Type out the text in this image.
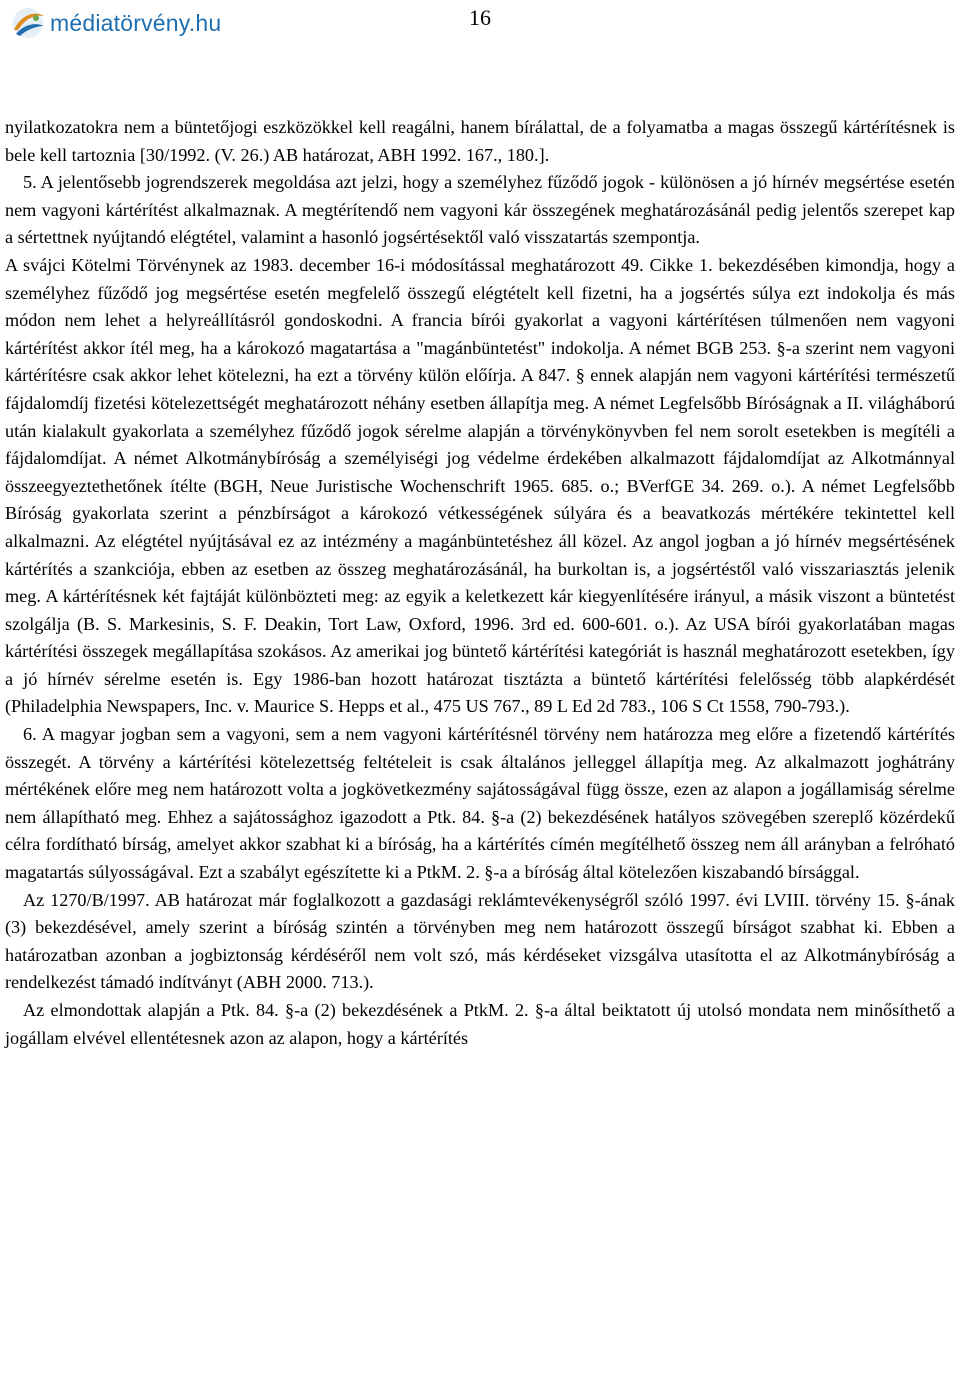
médiatörvény.hu	16

nyilatkozatokra nem a büntetőjogi eszközökkel kell reagálni, hanem bírálattal, de a folyamatba a magas összegű kártérítésnek is bele kell tartoznia [30/1992. (V. 26.) AB határozat, ABH 1992. 167., 180.].

5. A jelentősebb jogrendszerek megoldása azt jelzi, hogy a személyhez fűződő jogok - különösen a jó hírnév megsértése esetén nem vagyoni kártérítést alkalmaznak. A megtérítendő nem vagyoni kár összegének meghatározásánál pedig jelentős szerepet kap a sértettnek nyújtandó elégtétel, valamint a hasonló jogsértésektől való visszatartás szempontja.

A svájci Kötelmi Törvénynek az 1983. december 16-i módosítással meghatározott 49. Cikke 1. bekezdésében kimondja, hogy a személyhez fűződő jog megsértése esetén megfelelő összegű elégtételt kell fizetni, ha a jogsértés súlya ezt indokolja és más módon nem lehet a helyreállításról gondoskodni. A francia bírói gyakorlat a vagyoni kártérítésen túlmenően nem vagyoni kártérítést akkor ítél meg, ha a károkozó magatartása a "magánbüntetést" indokolja. A német BGB 253. §-a szerint nem vagyoni kártérítésre csak akkor lehet kötelezni, ha ezt a törvény külön előírja. A 847. § ennek alapján nem vagyoni kártérítési természetű fájdalomdíj fizetési kötelezettségét meghatározott néhány esetben állapítja meg. A német Legfelsőbb Bíróságnak a II. világháború után kialakult gyakorlata a személyhez fűződő jogok sérelme alapján a törvénykönyvben fel nem sorolt esetekben is megítéli a fájdalomdíjat. A német Alkotmánybíróság a személyiségi jog védelme érdekében alkalmazott fájdalomdíjat az Alkotmánnyal összeegyeztethetőnek ítélte (BGH, Neue Juristische Wochenschrift 1965. 685. o.; BVerfGE 34. 269. o.). A német Legfelsőbb Bíróság gyakorlata szerint a pénzbírságot a károkozó vétkességének súlyára és a beavatkozás mértékére tekintettel kell alkalmazni. Az elégtétel nyújtásával ez az intézmény a magánbüntetéshez áll közel. Az angol jogban a jó hírnév megsértésének kártérítés a szankciója, ebben az esetben az összeg meghatározásánál, ha burkoltan is, a jogsértéstől való visszariasztás jelenik meg. A kártérítésnek két fajtáját különbözteti meg: az egyik a keletkezett kár kiegyenlítésére irányul, a másik viszont a büntetést szolgálja (B. S. Markesinis, S. F. Deakin, Tort Law, Oxford, 1996. 3rd ed. 600-601. o.). Az USA bírói gyakorlatában magas kártérítési összegek megállapítása szokásos. Az amerikai jog büntető kártérítési kategóriát is használ meghatározott esetekben, így a jó hírnév sérelme esetén is. Egy 1986-ban hozott határozat tisztázta a büntető kártérítési felelősség több alapkérdését (Philadelphia Newspapers, Inc. v. Maurice S. Hepps et al., 475 US 767., 89 L Ed 2d 783., 106 S Ct 1558, 790-793.).

6. A magyar jogban sem a vagyoni, sem a nem vagyoni kártérítésnél törvény nem határozza meg előre a fizetendő kártérítés összegét. A törvény a kártérítési kötelezettség feltételeit is csak általános jelleggel állapítja meg. Az alkalmazott joghátrány mértékének előre meg nem határozott volta a jogkövetkezmény sajátosságával függ össze, ezen az alapon a jogállamiság sérelme nem állapítható meg. Ehhez a sajátossághoz igazodott a Ptk. 84. §-a (2) bekezdésének hatályos szövegében szereplő közérdekű célra fordítható bírság, amelyet akkor szabhat ki a bíróság, ha a kártérítés címén megítélhető összeg nem áll arányban a felróható magatartás súlyosságával. Ezt a szabályt egészítette ki a PtkM. 2. §-a a bíróság által kötelezően kiszabandó bírsággal.

Az 1270/B/1997. AB határozat már foglalkozott a gazdasági reklámtevékenységről szóló 1997. évi LVIII. törvény 15. §-ának (3) bekezdésével, amely szerint a bíróság szintén a törvényben meg nem határozott összegű bírságot szabhat ki. Ebben a határozatban azonban a jogbiztonság kérdéséről nem volt szó, más kérdéseket vizsgálva utasította el az Alkotmánybíróság a rendelkezést támadó indítványt (ABH 2000. 713.).

Az elmondottak alapján a Ptk. 84. §-a (2) bekezdésének a PtkM. 2. §-a által beiktatott új utolsó mondata nem minősíthető a jogállam elvével ellentétesnek azon az alapon, hogy a kártérítés
